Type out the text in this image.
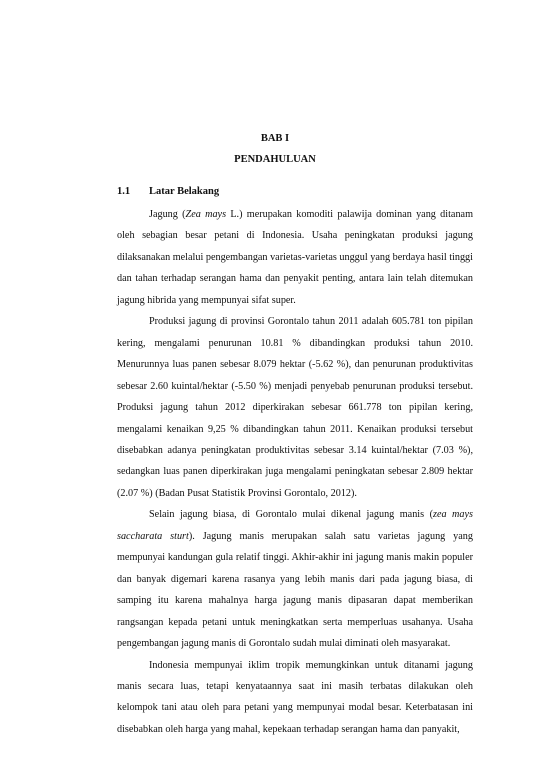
BAB I
PENDAHULUAN
1.1 Latar Belakang

Jagung (Zea mays L.) merupakan komoditi palawija dominan yang ditanam oleh sebagian besar petani di Indonesia. Usaha peningkatan produksi jagung dilaksanakan melalui pengembangan varietas-varietas unggul yang berdaya hasil tinggi dan tahan terhadap serangan hama dan penyakit penting, antara lain telah ditemukan jagung hibrida yang mempunyai sifat super.

Produksi jagung di provinsi Gorontalo tahun 2011 adalah 605.781 ton pipilan kering, mengalami penurunan 10.81 % dibandingkan produksi tahun 2010. Menurunnya luas panen sebesar 8.079 hektar (-5.62 %), dan penurunan produktivitas sebesar 2.60 kuintal/hektar (-5.50 %) menjadi penyebab penurunan produksi tersebut. Produksi jagung tahun 2012 diperkirakan sebesar 661.778 ton pipilan kering, mengalami kenaikan 9,25 % dibandingkan tahun 2011. Kenaikan produksi tersebut disebabkan adanya peningkatan produktivitas sebesar 3.14 kuintal/hektar (7.03 %), sedangkan luas panen diperkirakan juga mengalami peningkatan sebesar 2.809 hektar (2.07 %) (Badan Pusat Statistik Provinsi Gorontalo, 2012).

Selain jagung biasa, di Gorontalo mulai dikenal jagung manis (zea mays saccharata sturt). Jagung manis merupakan salah satu varietas jagung yang mempunyai kandungan gula relatif tinggi. Akhir-akhir ini jagung manis makin populer dan banyak digemari karena rasanya yang lebih manis dari pada jagung biasa, di samping itu karena mahalnya harga jagung manis dipasaran dapat memberikan rangsangan kepada petani untuk meningkatkan serta memperluas usahanya. Usaha pengembangan jagung manis di Gorontalo sudah mulai diminati oleh masyarakat.

Indonesia mempunyai iklim tropik memungkinkan untuk ditanami jagung manis secara luas, tetapi kenyataannya saat ini masih terbatas dilakukan oleh kelompok tani atau oleh para petani yang mempunyai modal besar. Keterbatasan ini disebabkan oleh harga yang mahal, kepekaan terhadap serangan hama dan panyakit,
